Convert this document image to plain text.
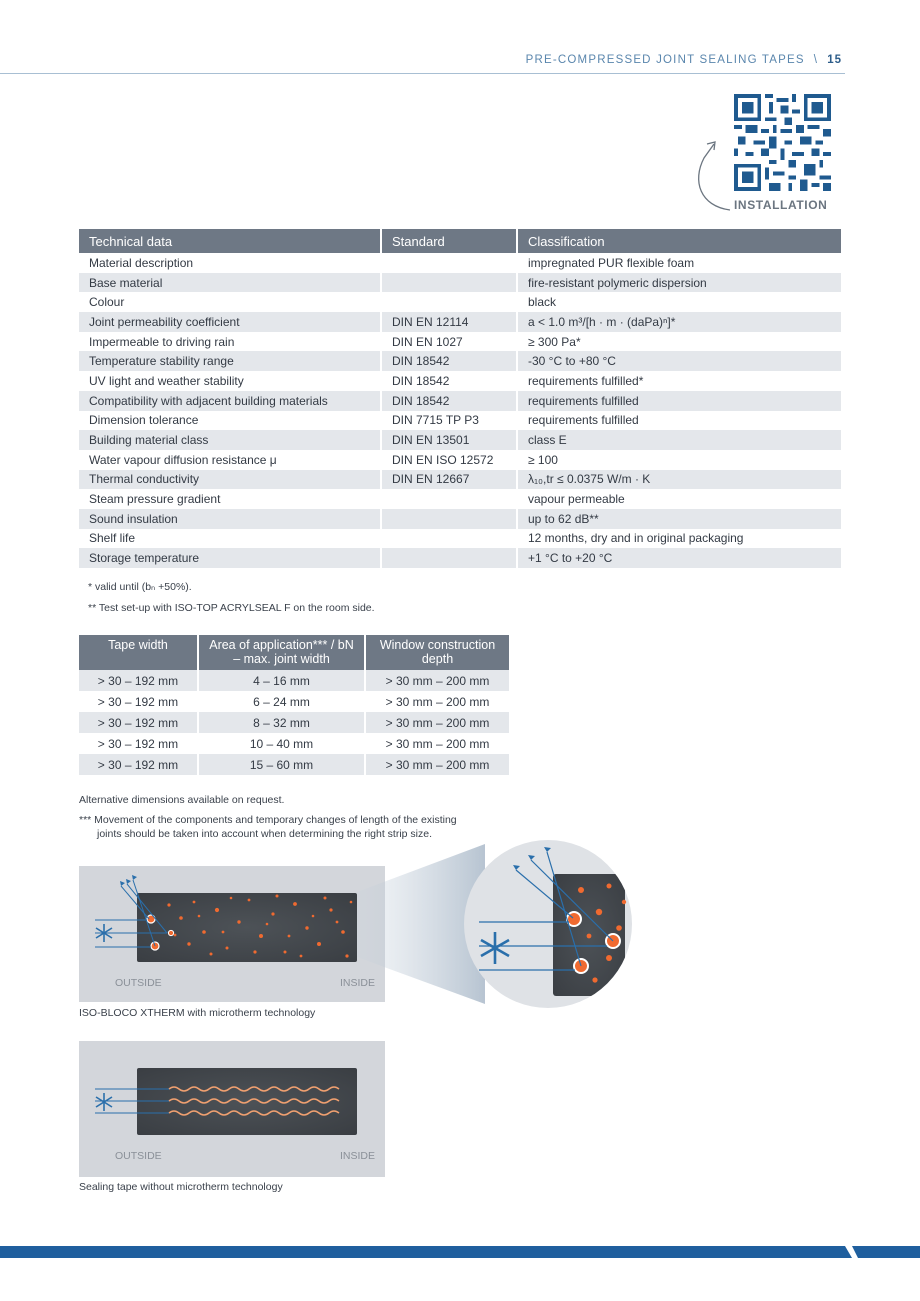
PRE-COMPRESSED JOINT SEALING TAPES \ 15
INSTALLATION
Technical data	Standard	Classification
Material description		impregnated PUR flexible foam
Base material		fire-resistant polymeric dispersion
Colour		black
Joint permeability coefficient	DIN EN 12114	a < 1.0 m³/[h · m · (daPa)ⁿ]*
Impermeable to driving rain	DIN EN 1027	≥ 300 Pa*
Temperature stability range	DIN 18542	-30 °C to +80 °C
UV light and weather stability	DIN 18542	requirements fulfilled*
Compatibility with adjacent building materials	DIN 18542	requirements fulfilled
Dimension tolerance	DIN 7715 TP P3	requirements fulfilled
Building material class	DIN EN 13501	class E
Water vapour diffusion resistance μ	DIN EN ISO 12572	≥ 100
Thermal conductivity	DIN EN 12667	λ₁₀,tr ≤ 0.0375 W/m · K
Steam pressure gradient		vapour permeable
Sound insulation		up to 62 dB**
Shelf life		12 months, dry and in original packaging
Storage temperature		+1 °C to +20 °C
* valid until (bₙ +50%).
** Test set-up with ISO-TOP ACRYLSEAL F on the room side.
Tape width	Area of application*** / bN – max. joint width	Window construction depth
> 30 – 192 mm	4 – 16 mm	> 30 mm – 200 mm
> 30 – 192 mm	6 – 24 mm	> 30 mm – 200 mm
> 30 – 192 mm	8 – 32 mm	> 30 mm – 200 mm
> 30 – 192 mm	10 – 40 mm	> 30 mm – 200 mm
> 30 – 192 mm	15 – 60 mm	> 30 mm – 200 mm
Alternative dimensions available on request.
*** Movement of the components and temporary changes of length of the existing
joints should be taken into account when determining the right strip size.
OUTSIDE	INSIDE
ISO-BLOCO XTHERM with microtherm technology
OUTSIDE	INSIDE
Sealing tape without microtherm technology
